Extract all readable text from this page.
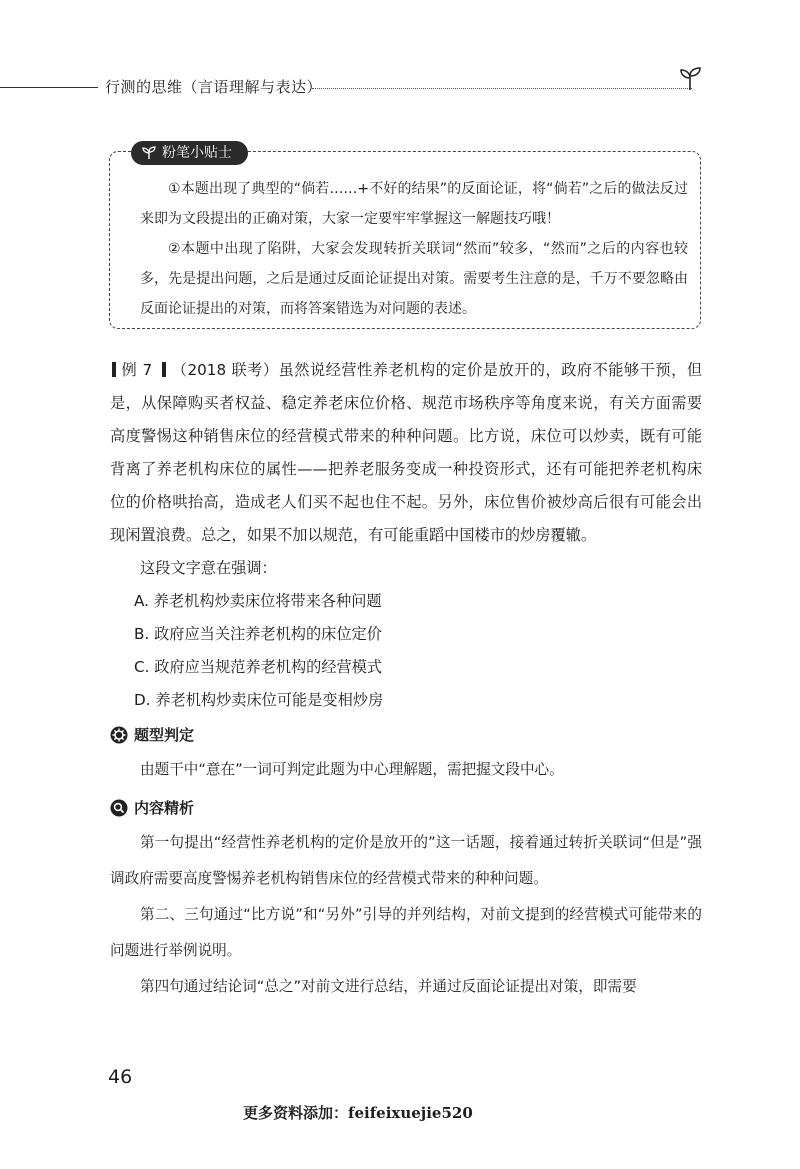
行测的思维（言语理解与表达）
粉笔小贴士

①本题出现了典型的“倘若……+不好的结果”的反面论证，将“倘若”之后的做法反过来即为文段提出的正确对策，大家一定要牢牢掌握这一解题技巧哦！

②本题中出现了陷阱，大家会发现转折关联词“然而”较多，“然而”之后的内容也较多，先是提出问题，之后是通过反面论证提出对策。需要考生注意的是，千万不要忽略由反面论证提出的对策，而将答案错选为对问题的表述。

例 7 （2018 联考）虽然说经营性养老机构的定价是放开的，政府不能够干预，但是，从保障购买者权益、稳定养老床位价格、规范市场秩序等角度来说，有关方面需要高度警惕这种销售床位的经营模式带来的种种问题。比方说，床位可以炒卖，既有可能背离了养老机构床位的属性——把养老服务变成一种投资形式，还有可能把养老机构床位的价格哄抬高，造成老人们买不起也住不起。另外，床位售价被炒高后很有可能会出现闲置浪费。总之，如果不加以规范，有可能重蹈中国楼市的炒房覆辙。

这段文字意在强调：

A. 养老机构炒卖床位将带来各种问题

B. 政府应当关注养老机构的床位定价

C. 政府应当规范养老机构的经营模式

D. 养老机构炒卖床位可能是变相炒房

题型判定

由题干中“意在”一词可判定此题为中心理解题，需把握文段中心。

内容精析

第一句提出“经营性养老机构的定价是放开的”这一话题，接着通过转折关联词“但是”强调政府需要高度警惕养老机构销售床位的经营模式带来的种种问题。

第二、三句通过“比方说”和“另外”引导的并列结构，对前文提到的经营模式可能带来的问题进行举例说明。

第四句通过结论词“总之”对前文进行总结，并通过反面论证提出对策，即需要

46
更多资料添加：feifeixuejie520
